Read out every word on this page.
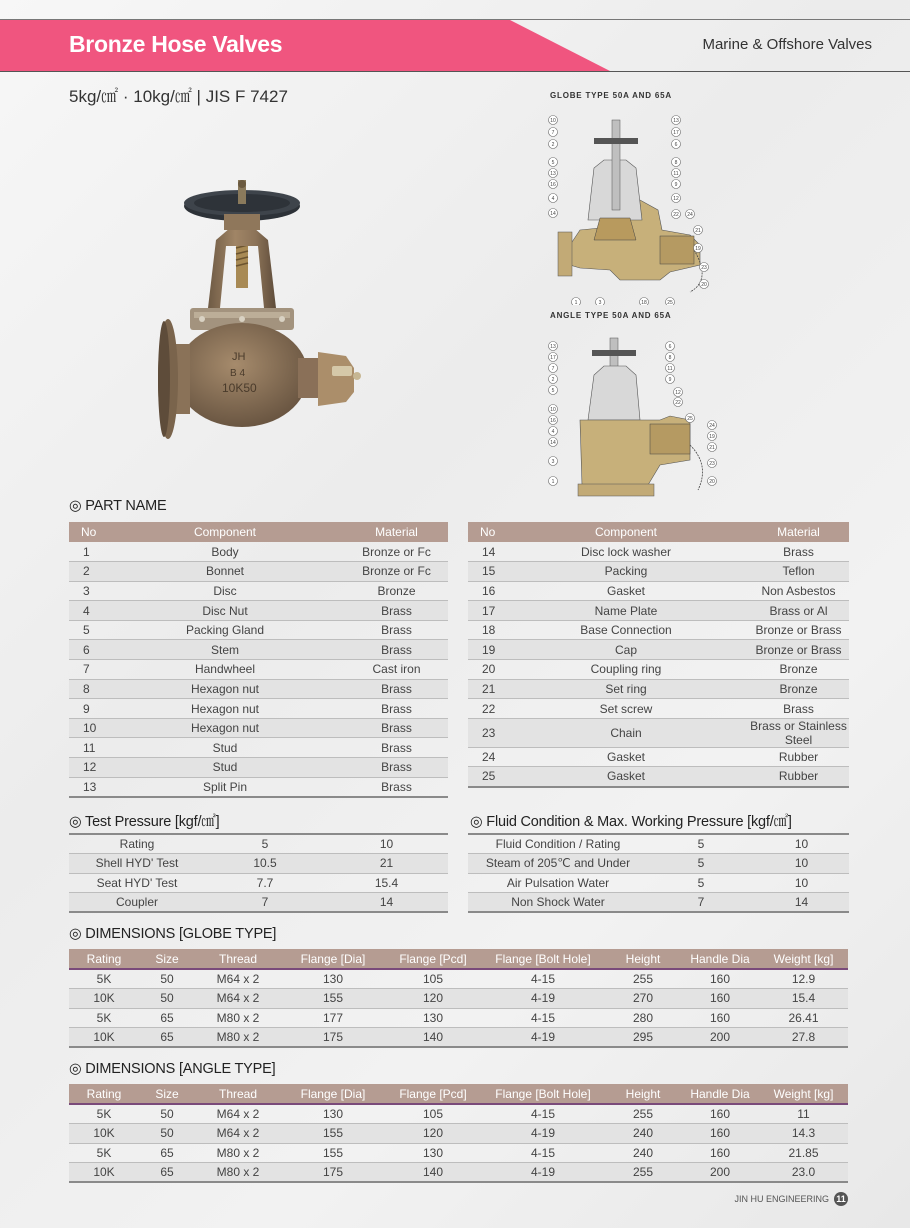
Bronze Hose Valves	Marine & Offshore Valves
5kg/㎠ · 10kg/㎠ | JIS F 7427
JH
B 4
10K50
GLOBE TYPE 50A AND 65A
10
7
2
5
13
16
4
14
13
17
6
8
11
9
12
22 24
21
19
23
20
1	3	18	25
ANGLE TYPE 50A AND 65A
13
17
7
2
5
10
16
4
14
3
1
6
8
11
9
12
22
25
24
19
21
23
20
◎ PART NAME
No	Component	Material
1	Body	Bronze or Fc
2	Bonnet	Bronze or Fc
3	Disc	Bronze
4	Disc Nut	Brass
5	Packing Gland	Brass
6	Stem	Brass
7	Handwheel	Cast iron
8	Hexagon nut	Brass
9	Hexagon nut	Brass
10	Hexagon nut	Brass
11	Stud	Brass
12	Stud	Brass
13	Split Pin	Brass
No	Component	Material
14	Disc lock washer	Brass
15	Packing	Teflon
16	Gasket	Non Asbestos
17	Name Plate	Brass or Al
18	Base Connection	Bronze or Brass
19	Cap	Bronze or Brass
20	Coupling ring	Bronze
21	Set ring	Bronze
22	Set screw	Brass
23	Chain	Brass or Stainless Steel
24	Gasket	Rubber
25	Gasket	Rubber
◎ Test Pressure [kgf/㎠]
Rating	5	10
Shell HYD' Test	10.5	21
Seat HYD' Test	7.7	15.4
Coupler	7	14
◎ Fluid Condition & Max. Working Pressure [kgf/㎠]
Fluid Condition / Rating	5	10
Steam of 205℃ and Under	5	10
Air Pulsation Water	5	10
Non Shock Water	7	14
◎ DIMENSIONS [GLOBE TYPE]
Rating	Size	Thread	Flange [Dia]	Flange [Pcd]	Flange [Bolt Hole]	Height	Handle Dia	Weight [kg]
5K	50	M64 x 2	130	105	4-15	255	160	12.9
10K	50	M64 x 2	155	120	4-19	270	160	15.4
5K	65	M80 x 2	177	130	4-15	280	160	26.41
10K	65	M80 x 2	175	140	4-19	295	200	27.8
◎ DIMENSIONS [ANGLE TYPE]
Rating	Size	Thread	Flange [Dia]	Flange [Pcd]	Flange [Bolt Hole]	Height	Handle Dia	Weight [kg]
5K	50	M64 x 2	130	105	4-15	255	160	11
10K	50	M64 x 2	155	120	4-19	240	160	14.3
5K	65	M80 x 2	155	130	4-15	240	160	21.85
10K	65	M80 x 2	175	140	4-19	255	200	23.0
JIN HU ENGINEERING 11
